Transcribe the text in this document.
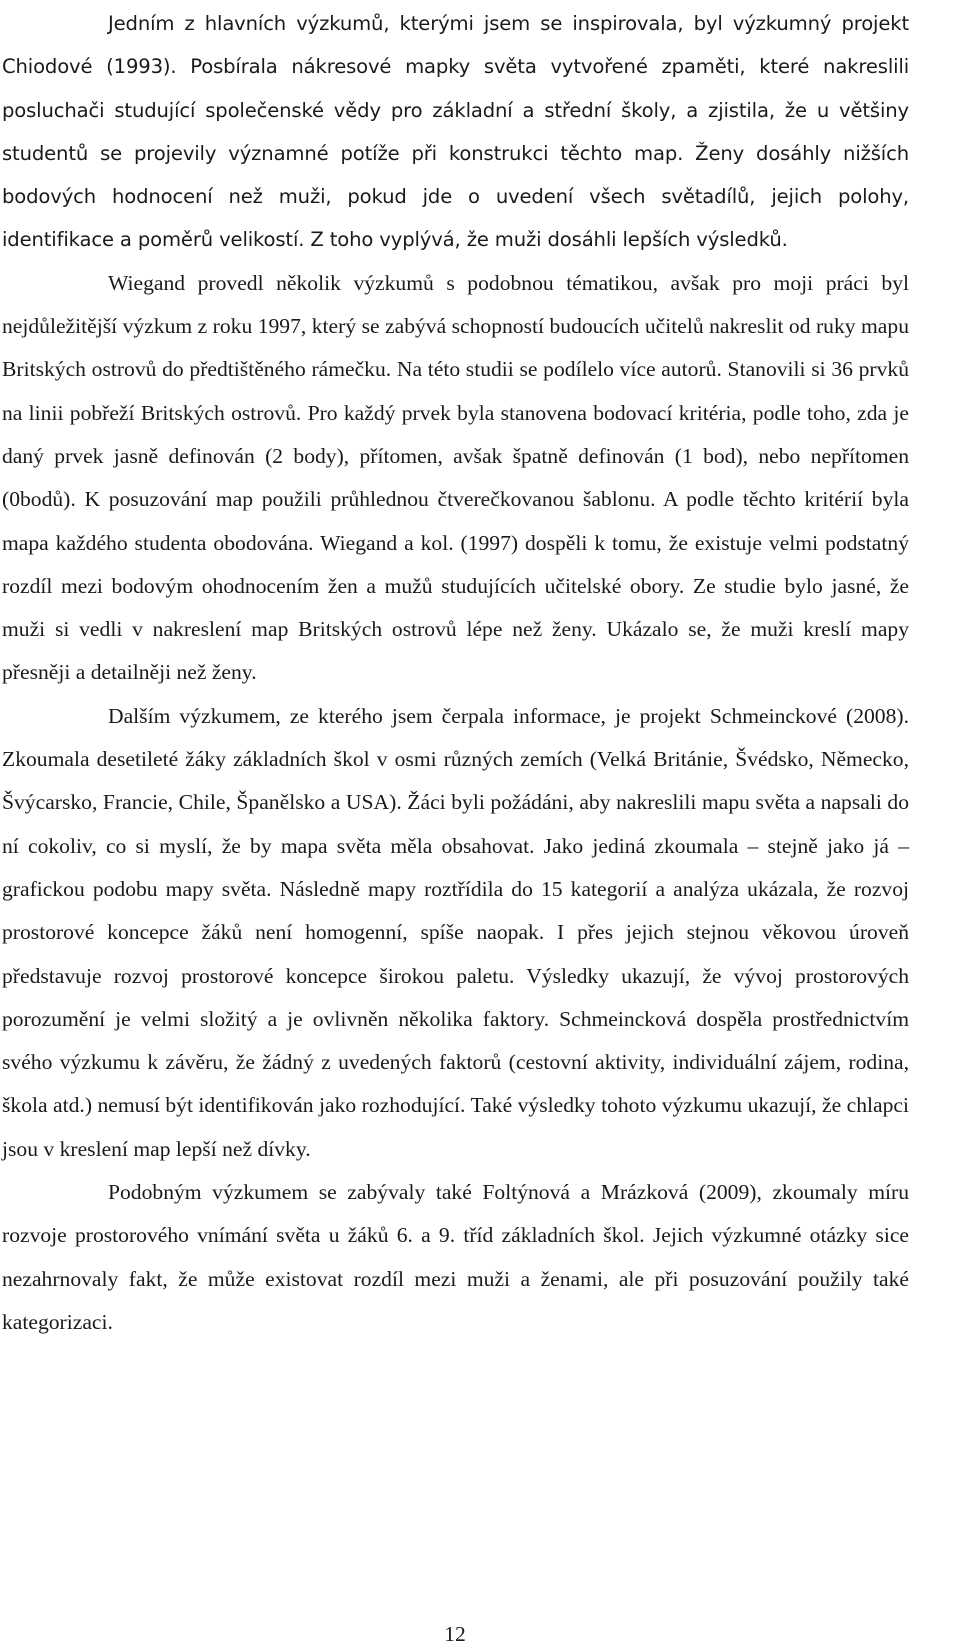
Jedním z hlavních výzkumů, kterými jsem se inspirovala, byl výzkumný projekt Chiodové (1993). Posbírala nákresové mapky světa vytvořené zpaměti, které nakreslili posluchači studující společenské vědy pro základní a střední školy, a zjistila, že u většiny studentů se projevily významné potíže při konstrukci těchto map. Ženy dosáhly nižších bodových hodnocení než muži, pokud jde o uvedení všech světadílů, jejich polohy, identifikace a poměrů velikostí. Z toho vyplývá, že muži dosáhli lepších výsledků.

Wiegand provedl několik výzkumů s podobnou tématikou, avšak pro moji práci byl nejdůležitější výzkum z roku 1997, který se zabývá schopností budoucích učitelů nakreslit od ruky mapu Britských ostrovů do předtištěného rámečku. Na této studii se podílelo více autorů. Stanovili si 36 prvků na linii pobřeží Britských ostrovů. Pro každý prvek byla stanovena bodovací kritéria, podle toho, zda je daný prvek jasně definován (2 body), přítomen, avšak špatně definován (1 bod), nebo nepřítomen (0bodů). K posuzování map použili průhlednou čtverečkovanou šablonu. A podle těchto kritérií byla mapa každého studenta obodována. Wiegand a kol. (1997) dospěli k tomu, že existuje velmi podstatný rozdíl mezi bodovým ohodnocením žen a mužů studujících učitelské obory. Ze studie bylo jasné, že muži si vedli v nakreslení map Britských ostrovů lépe než ženy. Ukázalo se, že muži kreslí mapy přesněji a detailněji než ženy.

Dalším výzkumem, ze kterého jsem čerpala informace, je projekt Schmeinckové (2008). Zkoumala desetileté žáky základních škol v osmi různých zemích (Velká Británie, Švédsko, Německo, Švýcarsko, Francie, Chile, Španělsko a USA). Žáci byli požádáni, aby nakreslili mapu světa a napsali do ní cokoliv, co si myslí, že by mapa světa měla obsahovat. Jako jediná zkoumala – stejně jako já – grafickou podobu mapy světa. Následně mapy roztřídila do 15 kategorií a analýza ukázala, že rozvoj prostorové koncepce žáků není homogenní, spíše naopak. I přes jejich stejnou věkovou úroveň představuje rozvoj prostorové koncepce širokou paletu. Výsledky ukazují, že vývoj prostorových porozumění je velmi složitý a je ovlivněn několika faktory. Schmeincková dospěla prostřednictvím svého výzkumu k závěru, že žádný z uvedených faktorů (cestovní aktivity, individuální zájem, rodina, škola atd.) nemusí být identifikován jako rozhodující. Také výsledky tohoto výzkumu ukazují, že chlapci jsou v kreslení map lepší než dívky.

Podobným výzkumem se zabývaly také Foltýnová a Mrázková (2009), zkoumaly míru rozvoje prostorového vnímání světa u žáků 6. a 9. tříd základních škol. Jejich výzkumné otázky sice nezahrnovaly fakt, že může existovat rozdíl mezi muži a ženami, ale při posuzování použily také kategorizaci.

12
